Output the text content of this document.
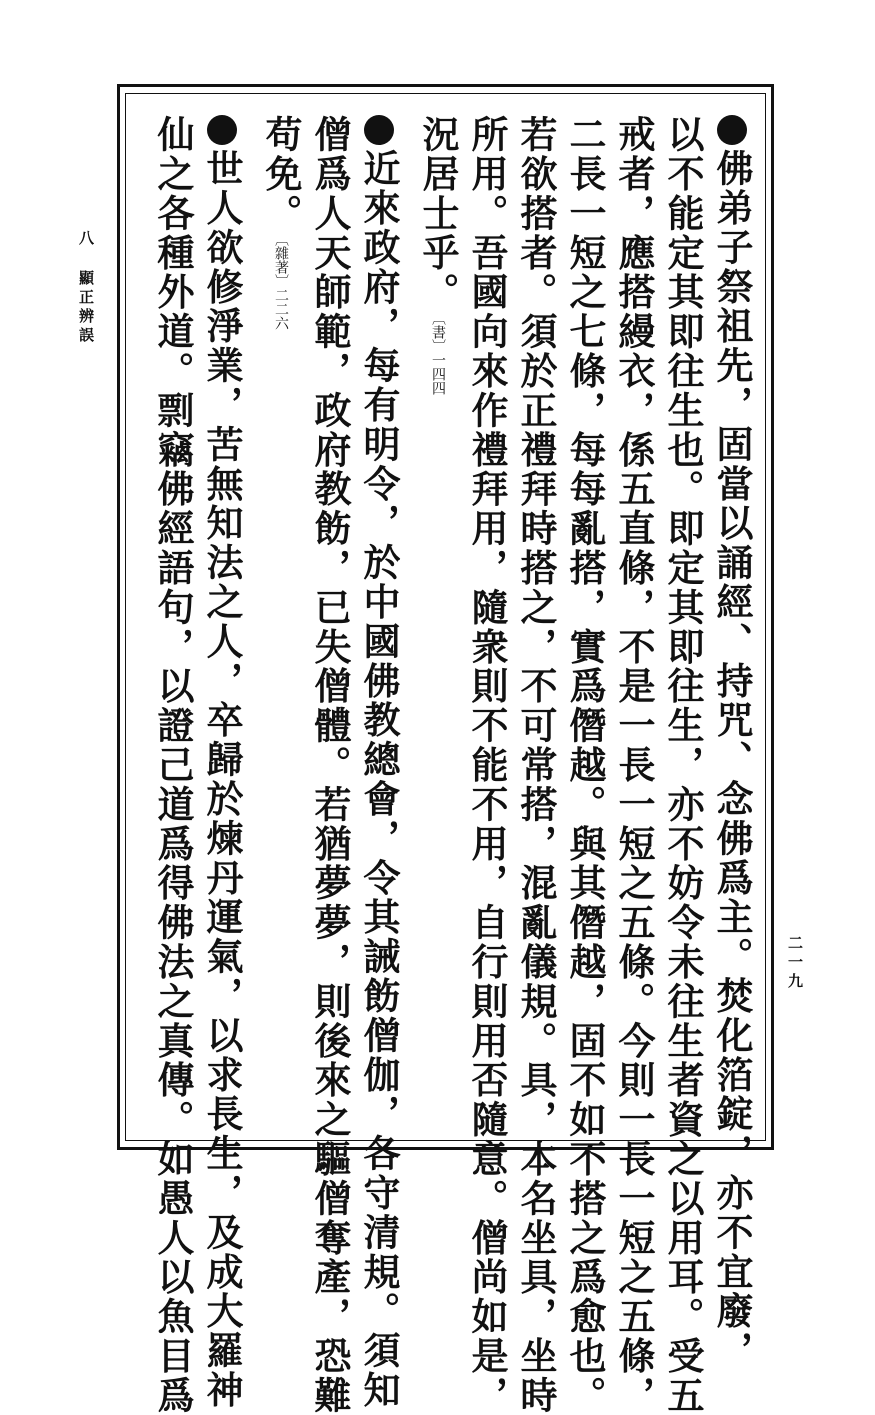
八
顯正辨誤
二一九
佛弟子祭祖先，固當以誦經、持咒、念佛爲主。焚化箔錠，亦不宜廢，
以不能定其即往生也。即定其即往生，亦不妨令未往生者資之以用耳。受五
戒者，應搭縵衣，係五直條，不是一長一短之五條。今則一長一短之五條，
二長一短之七條，每每亂搭，實爲僭越。與其僭越，固不如不搭之爲愈也。
若欲搭者。須於正禮拜時搭之，不可常搭，混亂儀規。具，本名坐具，坐時
所用。吾國向來作禮拜用，隨衆則不能不用，自行則用否隨意。僧尚如是，
況居士乎。〔書〕一四四
近來政府，每有明令，於中國佛教總會，令其誡飭僧伽，各守清規。須知
僧爲人天師範，政府教飭，已失僧體。若猶夢夢，則後來之驅僧奪產，恐難
苟免。〔雜著〕二二六
世人欲修淨業，苦無知法之人，卒歸於煉丹運氣，以求長生，及成大羅神
仙之各種外道。剽竊佛經語句，以證己道爲得佛法之真傳。如愚人以魚目爲
